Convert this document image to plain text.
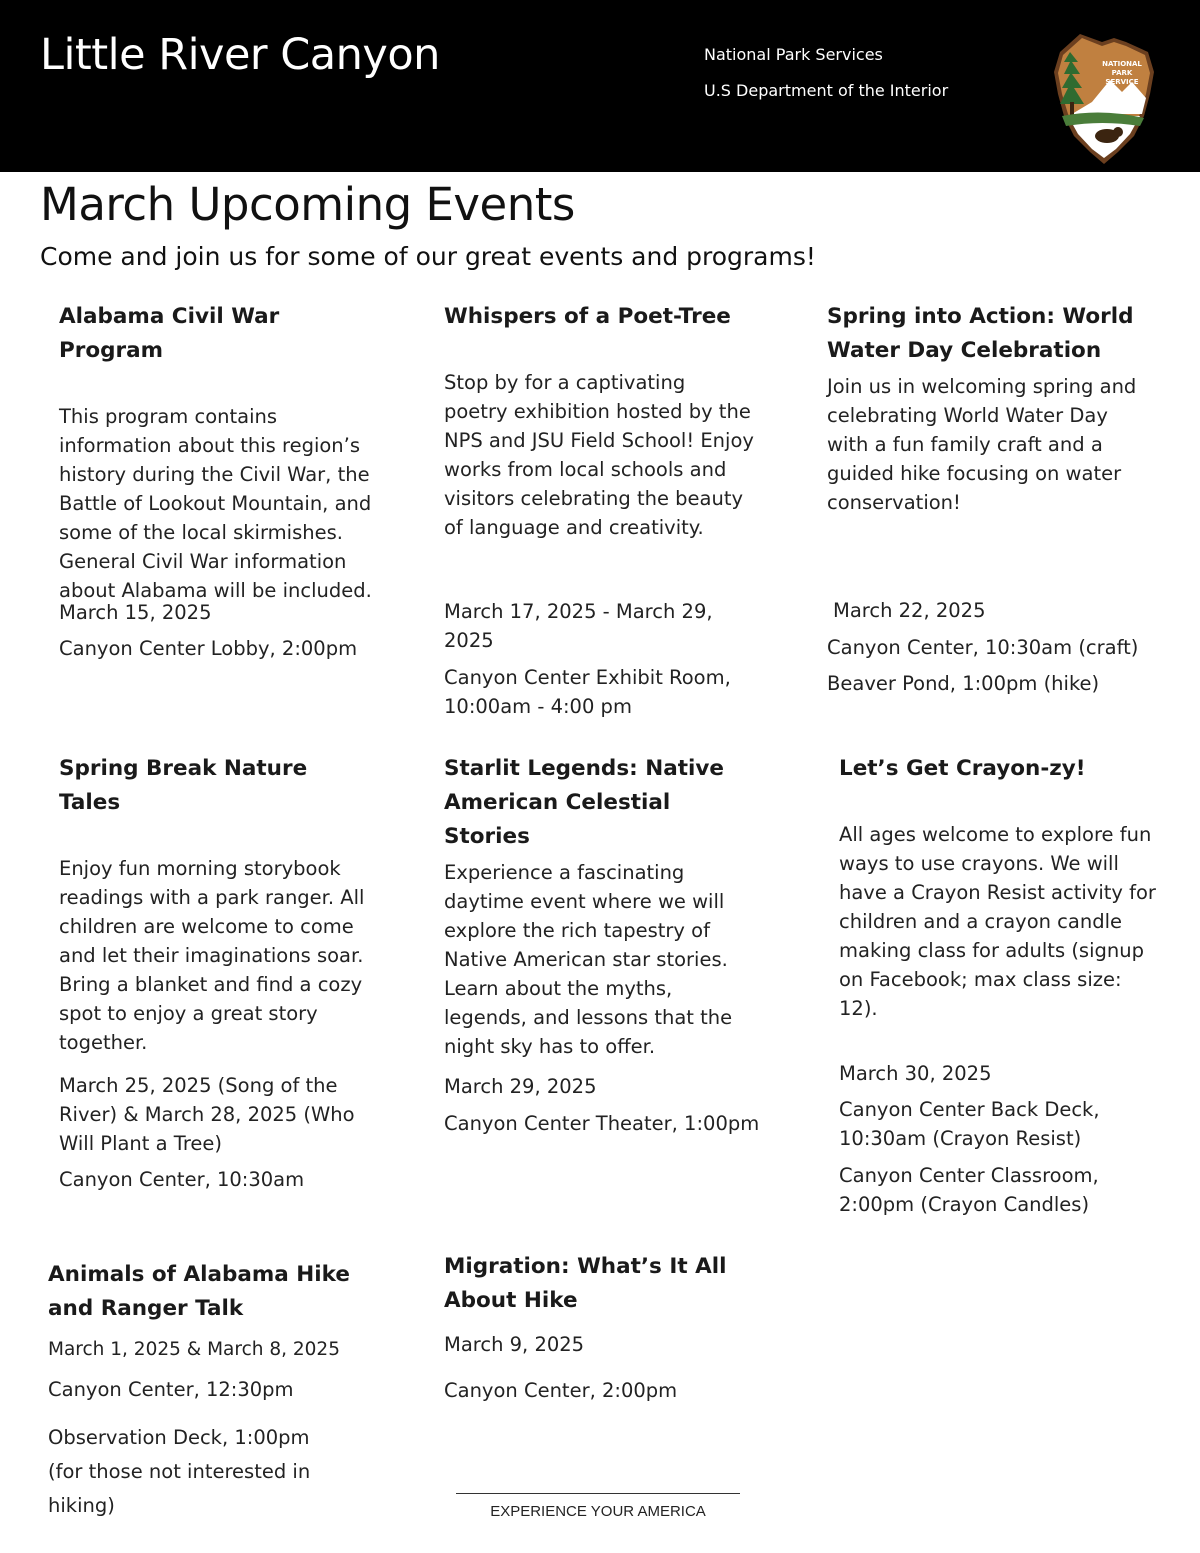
Little River Canyon	National Park Services
U.S Department of the Interior
NATIONAL
PARK
SERVICE
March Upcoming Events
Come and join us for some of our great events and programs!
Alabama Civil War Program
This program contains information about this region’s history during the Civil War, the Battle of Lookout Mountain, and some of the local skirmishes. General Civil War information about Alabama will be included.
March 15, 2025
Canyon Center Lobby, 2:00pm
Whispers of a Poet-Tree
Stop by for a captivating poetry exhibition hosted by the NPS and JSU Field School! Enjoy works from local schools and visitors celebrating the beauty of language and creativity.
March 17, 2025 - March 29, 2025
Canyon Center Exhibit Room, 10:00am - 4:00 pm
Spring into Action: World Water Day Celebration
Join us in welcoming spring and celebrating World Water Day with a fun family craft and a guided hike focusing on water conservation!
March 22, 2025
Canyon Center, 10:30am (craft)
Beaver Pond, 1:00pm (hike)
Spring Break Nature Tales
Enjoy fun morning storybook readings with a park ranger. All children are welcome to come and let their imaginations soar. Bring a blanket and find a cozy spot to enjoy a great story together.
March 25, 2025 (Song of the River) & March 28, 2025 (Who Will Plant a Tree)
Canyon Center, 10:30am
Starlit Legends: Native American Celestial Stories
Experience a fascinating daytime event where we will explore the rich tapestry of Native American star stories. Learn about the myths, legends, and lessons that the night sky has to offer.
March 29, 2025
Canyon Center Theater, 1:00pm
Let’s Get Crayon-zy!
All ages welcome to explore fun ways to use crayons. We will have a Crayon Resist activity for children and a crayon candle making class for adults (signup on Facebook; max class size: 12).
March 30, 2025
Canyon Center Back Deck, 10:30am (Crayon Resist)
Canyon Center Classroom, 2:00pm (Crayon Candles)
Animals of Alabama Hike and Ranger Talk
March 1, 2025 & March 8, 2025
Canyon Center, 12:30pm
Observation Deck, 1:00pm (for those not interested in hiking)
Migration: What’s It All About Hike
March 9, 2025
Canyon Center, 2:00pm
EXPERIENCE YOUR AMERICA
